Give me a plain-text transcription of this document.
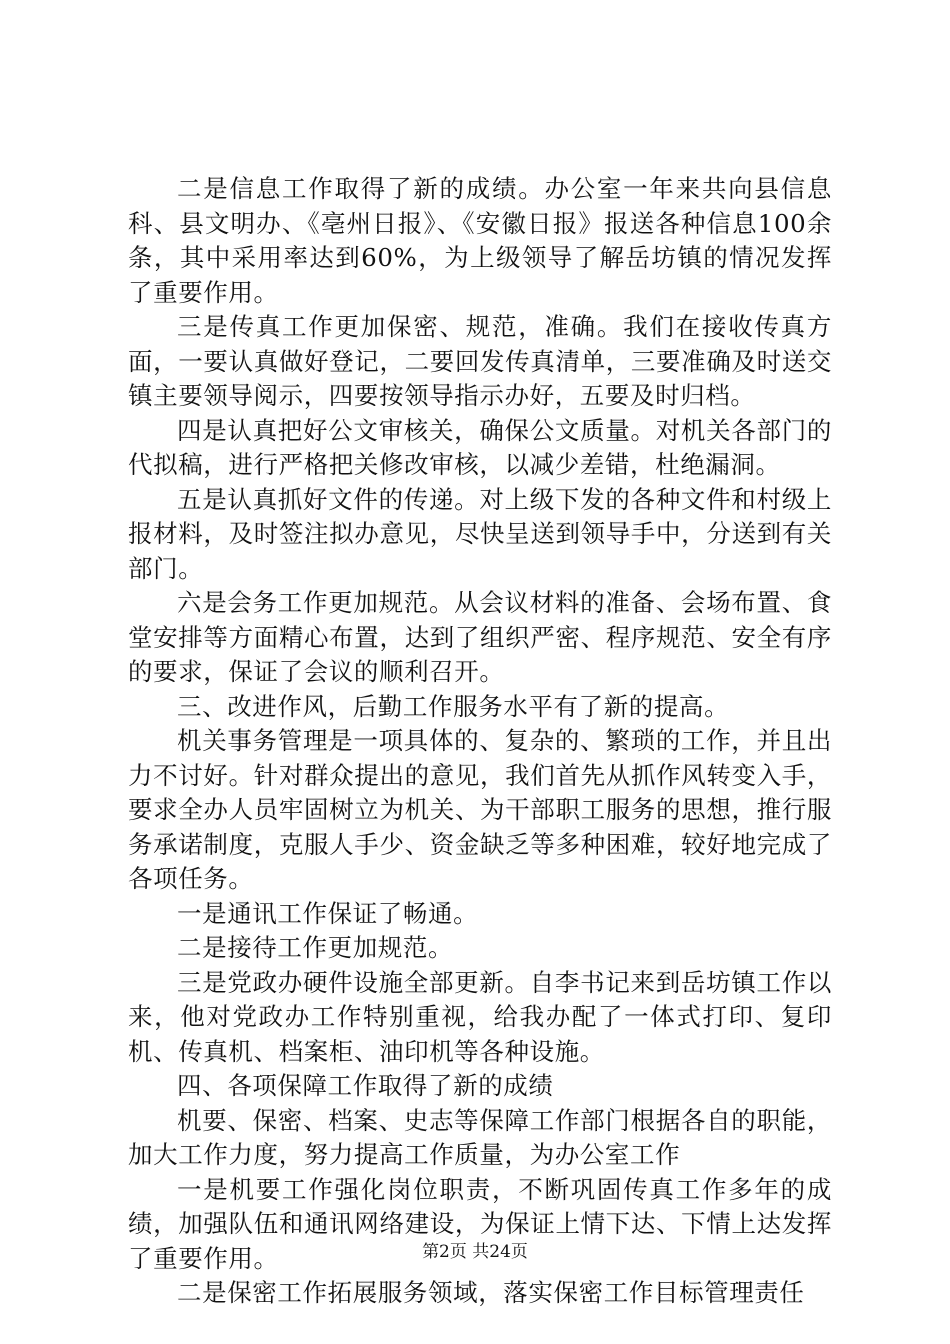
二是信息工作取得了新的成绩。办公室一年来共向县信息科、县文明办、《亳州日报》、《安徽日报》报送各种信息100余条，其中采用率达到60%，为上级领导了解岳坊镇的情况发挥了重要作用。

三是传真工作更加保密、规范，准确。我们在接收传真方面，一要认真做好登记，二要回发传真清单，三要准确及时送交镇主要领导阅示，四要按领导指示办好，五要及时归档。

四是认真把好公文审核关，确保公文质量。对机关各部门的代拟稿，进行严格把关修改审核，以减少差错，杜绝漏洞。

五是认真抓好文件的传递。对上级下发的各种文件和村级上报材料，及时签注拟办意见，尽快呈送到领导手中，分送到有关部门。

六是会务工作更加规范。从会议材料的准备、会场布置、食堂安排等方面精心布置，达到了组织严密、程序规范、安全有序的要求，保证了会议的顺利召开。

三、改进作风，后勤工作服务水平有了新的提高。

机关事务管理是一项具体的、复杂的、繁琐的工作，并且出力不讨好。针对群众提出的意见，我们首先从抓作风转变入手，要求全办人员牢固树立为机关、为干部职工服务的思想，推行服务承诺制度，克服人手少、资金缺乏等多种困难，较好地完成了各项任务。

一是通讯工作保证了畅通。

二是接待工作更加规范。

三是党政办硬件设施全部更新。自李书记来到岳坊镇工作以来，他对党政办工作特别重视，给我办配了一体式打印、复印机、传真机、档案柜、油印机等各种设施。

四、各项保障工作取得了新的成绩

机要、保密、档案、史志等保障工作部门根据各自的职能，加大工作力度，努力提高工作质量，为办公室工作

一是机要工作强化岗位职责，不断巩固传真工作多年的成绩，加强队伍和通讯网络建设，为保证上情下达、下情上达发挥了重要作用。

二是保密工作拓展服务领域，落实保密工作目标管理责任

第2页 共24页
